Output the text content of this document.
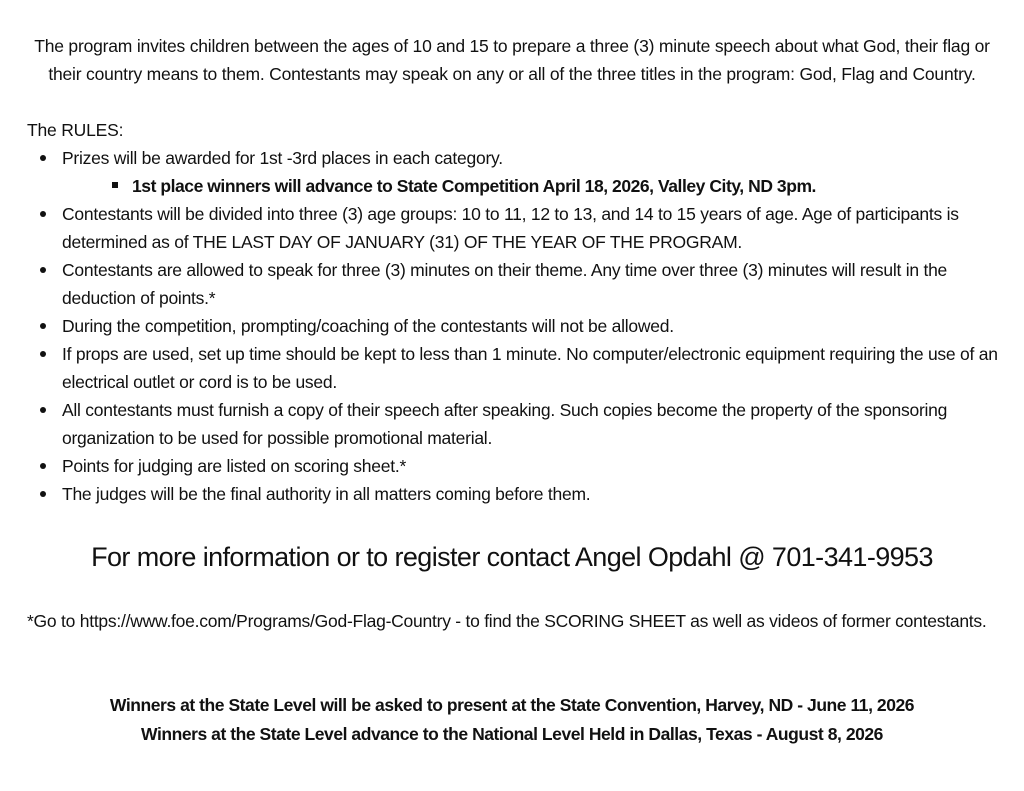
The program invites children between the ages of 10 and 15 to prepare a three (3) minute speech about what God, their flag or their country means to them. Contestants may speak on any or all of the three titles in the program: God, Flag and Country.
The RULES:
Prizes will be awarded for 1st -3rd places in each category.
1st place winners will advance to State Competition April 18, 2026, Valley City, ND 3pm.
Contestants will be divided into three (3) age groups: 10 to 11, 12 to 13, and 14 to 15 years of age. Age of participants is determined as of THE LAST DAY OF JANUARY (31) OF THE YEAR OF THE PROGRAM.
Contestants are allowed to speak for three (3) minutes on their theme. Any time over three (3) minutes will result in the deduction of points.*
During the competition, prompting/coaching of the contestants will not be allowed.
If props are used, set up time should be kept to less than 1 minute. No computer/electronic equipment requiring the use of an electrical outlet or cord is to be used.
All contestants must furnish a copy of their speech after speaking. Such copies become the property of the sponsoring organization to be used for possible promotional material.
Points for judging are listed on scoring sheet.*
The judges will be the final authority in all matters coming before them.
For more information or to register contact Angel Opdahl @ 701-341-9953
*Go to https://www.foe.com/Programs/God-Flag-Country - to find the SCORING SHEET as well as videos of former contestants.
Winners at the State Level will be asked to present at the State Convention, Harvey, ND - June 11, 2026
Winners at the State Level advance to the National Level Held in Dallas, Texas - August 8, 2026
